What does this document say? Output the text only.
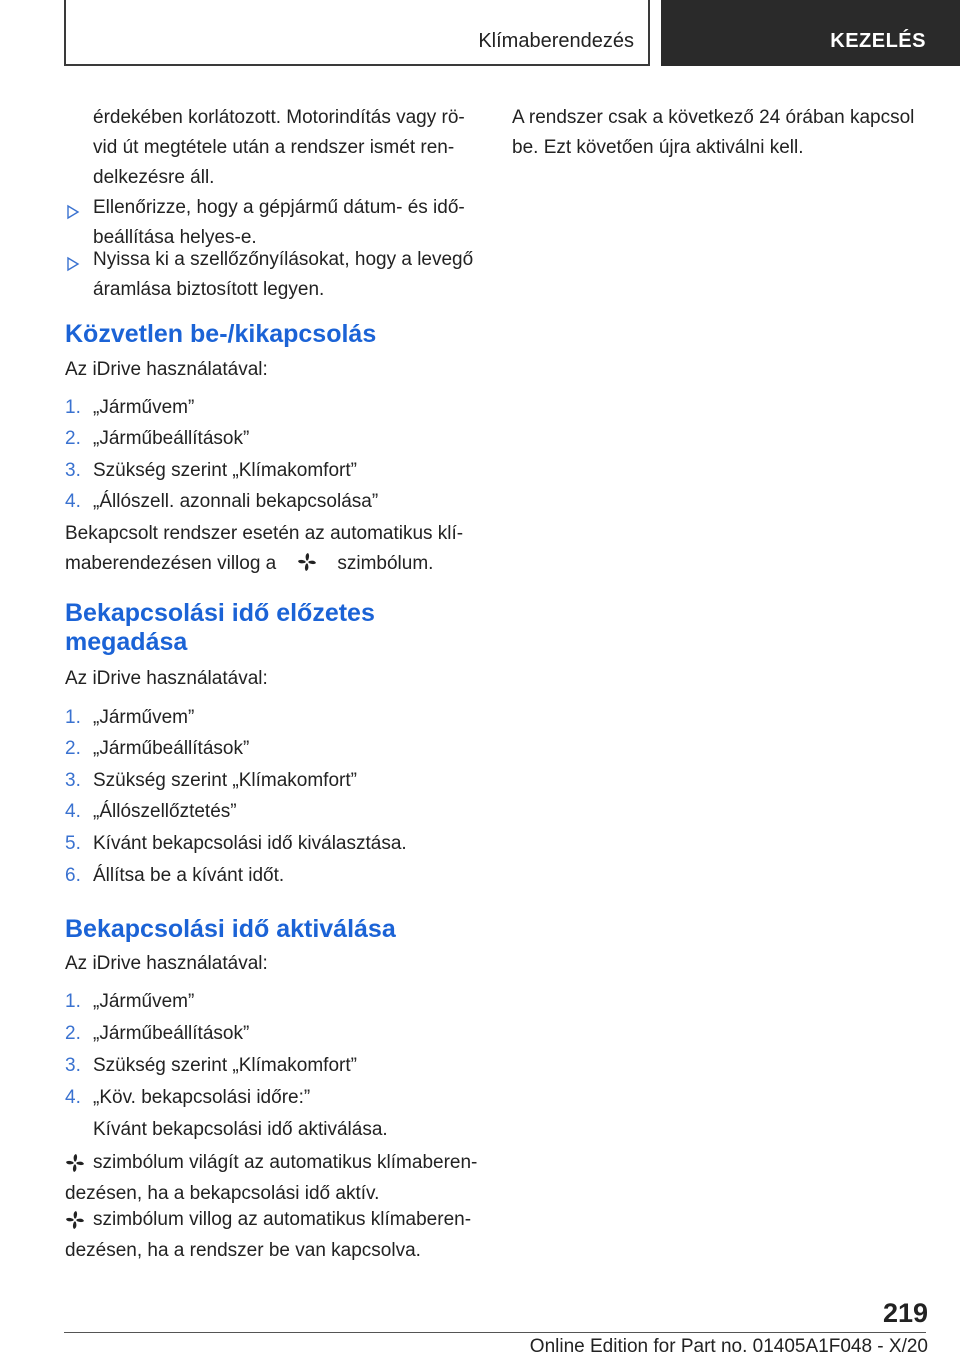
Klímaberendezés	KEZELÉS
érdekében korlátozott. Motorindítás vagy rö-
vid út megtétele után a rendszer ismét ren-
delkezésre áll.
Ellenőrizze, hogy a gépjármű dátum- és idő-
beállítása helyes-e.
Nyissa ki a szellőzőnyílásokat, hogy a levegő
áramlása biztosított legyen.
Közvetlen be-/kikapcsolás
Az iDrive használatával:
1. „Járművem”
2. „Járműbeállítások”
3. Szükség szerint „Klímakomfort”
4. „Állószell. azonnali bekapcsolása”
Bekapcsolt rendszer esetén az automatikus klí-
maberendezésen villog a	szimbólum.
Bekapcsolási idő előzetes
megadása
Az iDrive használatával:
1. „Járművem”
2. „Járműbeállítások”
3. Szükség szerint „Klímakomfort”
4. „Állószellőztetés”
5. Kívánt bekapcsolási idő kiválasztása.
6. Állítsa be a kívánt időt.
Bekapcsolási idő aktiválása
Az iDrive használatával:
1. „Járművem”
2. „Járműbeállítások”
3. Szükség szerint „Klímakomfort”
4. „Köv. bekapcsolási időre:”
Kívánt bekapcsolási idő aktiválása.
szimbólum világít az automatikus klímaberen-
dezésen, ha a bekapcsolási idő aktív.
szimbólum villog az automatikus klímaberen-
dezésen, ha a rendszer be van kapcsolva.
A rendszer csak a következő 24 órában kapcsol
be. Ezt követően újra aktiválni kell.
219
Online Edition for Part no. 01405A1F048 - X/20
